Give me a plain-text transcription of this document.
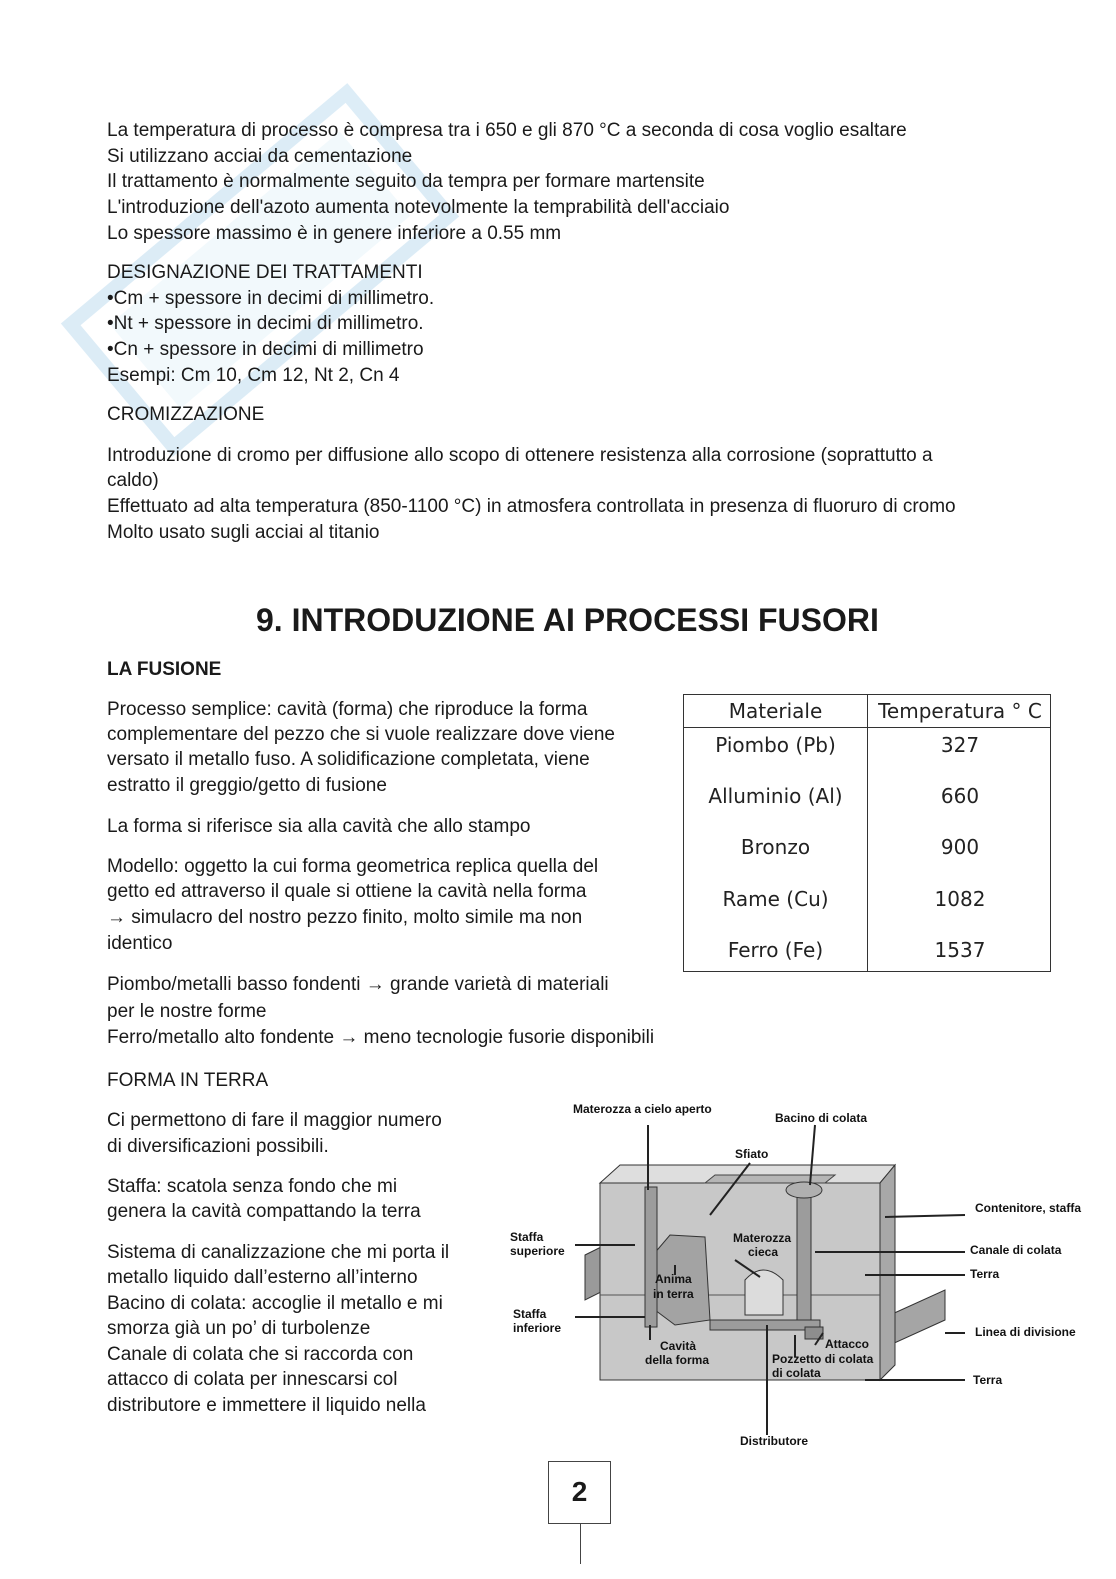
La temperatura di processo è compresa tra i 650 e gli 870 °C a seconda di cosa voglio esaltare
Si utilizzano acciai da cementazione
Il trattamento è normalmente seguito da tempra per formare martensite
L'introduzione dell'azoto aumenta notevolmente la temprabilità dell'acciaio
Lo spessore massimo è in genere inferiore a 0.55 mm
DESIGNAZIONE DEI TRATTAMENTI
•Cm + spessore in decimi di millimetro.
•Nt + spessore in decimi di millimetro.
•Cn + spessore in decimi di millimetro
Esempi: Cm 10, Cm 12, Nt 2, Cn 4
CROMIZZAZIONE
Introduzione di cromo per diffusione allo scopo di ottenere resistenza alla corrosione (soprattutto a
caldo)
Effettuato ad alta temperatura (850-1100 °C) in atmosfera controllata in presenza di fluoruro di cromo
Molto usato sugli acciai al titanio
9. INTRODUZIONE AI PROCESSI FUSORI
LA FUSIONE
Processo semplice: cavità (forma) che riproduce la forma
complementare del pezzo che si vuole realizzare dove viene
versato il metallo fuso. A solidificazione completata, viene
estratto il greggio/getto di fusione
La forma si riferisce sia alla cavità che allo stampo
Modello: oggetto la cui forma geometrica replica quella del
getto ed attraverso il quale si ottiene la cavità nella forma
→ simulacro del nostro pezzo finito, molto simile ma non
identico
Piombo/metalli basso fondenti → grande varietà di materiali
per le nostre forme
Ferro/metallo alto fondente → meno tecnologie fusorie disponibili
Materiale	Temperatura ° C
Piombo (Pb)	327
Alluminio (Al)	660
Bronzo	900
Rame (Cu)	1082
Ferro (Fe)	1537
FORMA IN TERRA
Ci permettono di fare il maggior numero
di diversificazioni possibili.
Staffa: scatola senza fondo che mi
genera la cavità compattando la terra
Sistema di canalizzazione che mi porta il
metallo liquido dall’esterno all’interno
Bacino di colata: accoglie il metallo e mi
smorza già un po’ di turbolenze
Canale di colata che si raccorda con
attacco di colata per innescarsi col
distributore e immettere il liquido nella
Materozza a cielo aperto
Bacino di colata
Sfiato
Contenitore, staffa
Staffa
superiore
Materozza
cieca	Canale di colata
Terra
Anima
in terra
Staffa
inferiore	Linea di divisione
Attacco
Pozzetto di colata
di colata
Cavità
della forma
Terra
Distributore
2
